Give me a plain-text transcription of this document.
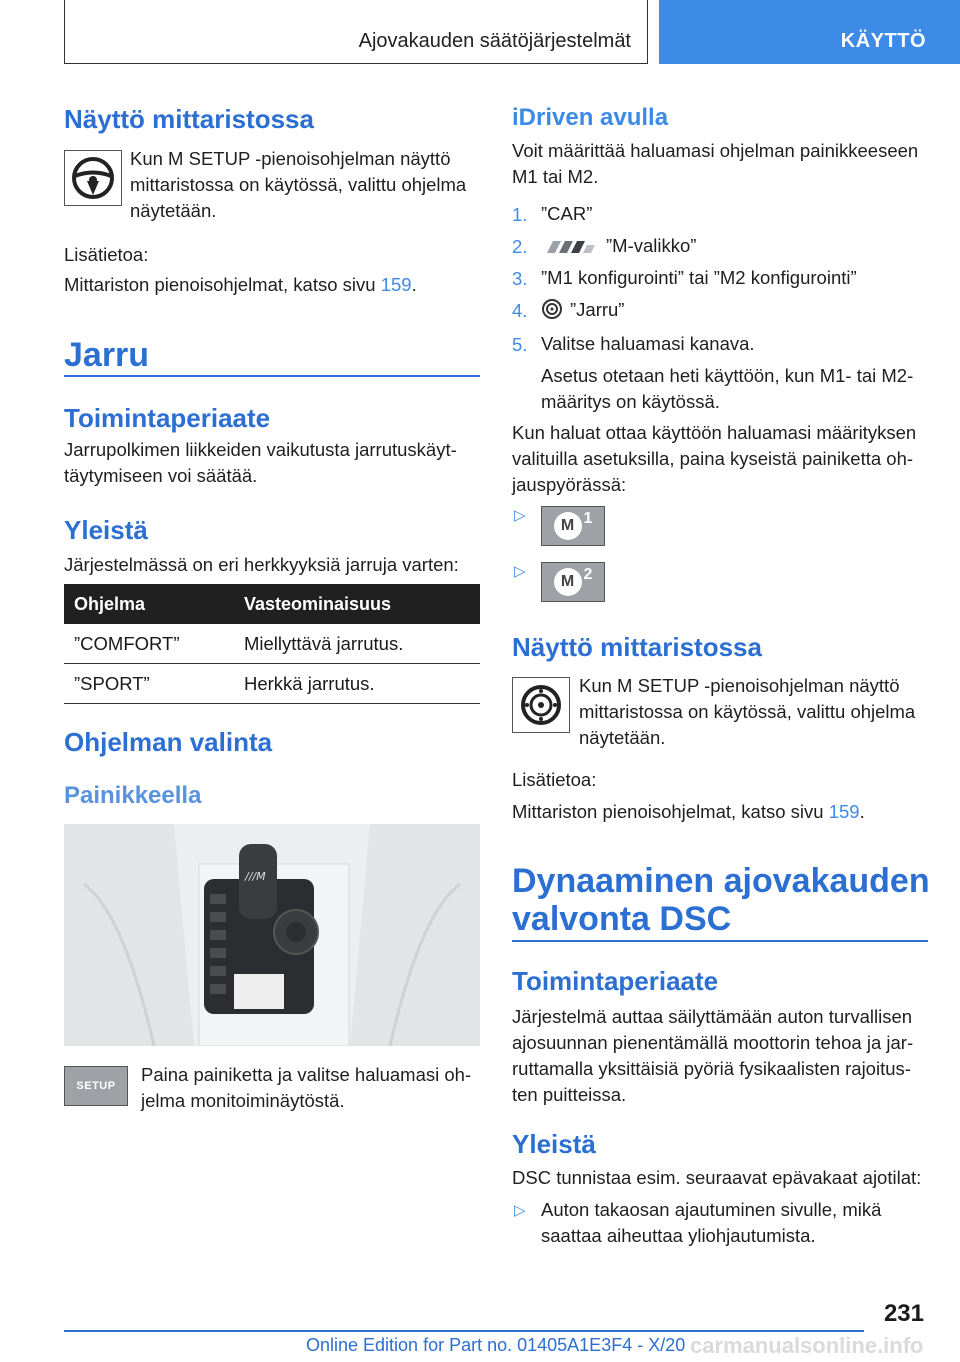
Ajovakauden säätöjärjestelmät	KÄYTTÖ
Näyttö mittaristossa
Kun M SETUP -pienoisohjelman näyttö mittaristossa on käytössä, valittu ohjelma näytetään.
Lisätietoa:
Mittariston pienoisohjelmat, katso sivu 159.
Jarru
Toimintaperiaate
Jarrupolkimen liikkeiden vaikutusta jarrutuskäyttäytymiseen voi säätää.
Yleistä
Järjestelmässä on eri herkkyyksiä jarruja varten:
Ohjelma	Vasteominaisuus
”COMFORT”	Miellyttävä jarrutus.
”SPORT”	Herkkä jarrutus.
Ohjelman valinta
Painikkeella
///M
SETUP
Paina painiketta ja valitse haluamasi ohjelma monitoiminäytöstä.
iDriven avulla
Voit määrittää haluamasi ohjelman painikkeeseen M1 tai M2.
1. ”CAR”
2.	”M-valikko”
3. ”M1 konfigurointi” tai ”M2 konfigurointi”
4. ”Jarru”
5. Valitse haluamasi kanava.
Asetus otetaan heti käyttöön, kun M1- tai M2-määritys on käytössä.
Kun haluat ottaa käyttöön haluamasi määrityksen valituilla asetuksilla, paina kyseistä painiketta ohjauspyörässä:
▷
M 1
▷
M 2
Näyttö mittaristossa
Kun M SETUP -pienoisohjelman näyttö mittaristossa on käytössä, valittu ohjelma näytetään.
Lisätietoa:
Mittariston pienoisohjelmat, katso sivu 159.
Dynaaminen ajovakauden valvonta DSC
Toimintaperiaate
Järjestelmä auttaa säilyttämään auton turvallisen ajosuunnan pienentämällä moottorin tehoa ja jarruttamalla yksittäisiä pyöriä fysikaalisten rajoitusten puitteissa.
Yleistä
DSC tunnistaa esim. seuraavat epävakaat ajotilat:
▷ Auton takaosan ajautuminen sivulle, mikä saattaa aiheuttaa yliohjautumista.
231
Online Edition for Part no. 01405A1E3F4 - X/20 carmanualsonline.info
